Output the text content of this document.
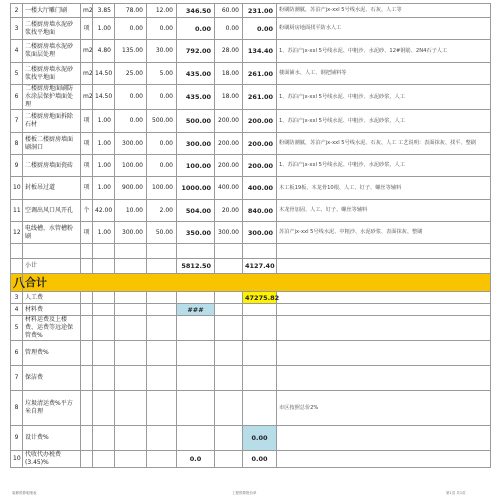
2	一楼大厅雕门刷	m2	3.85	78.00	12.00	346.50	60.00	231.00	粉刷防潮腻，苏泊产jx-xxl 5号线水泥、石灰、人工等
3	二楼厨房墙水泥砂浆找平地面	项	1.00	0.00	0.00	0.00	0.00	0.00	粉刷厨房地面找平防水人工
4	二楼厨房墙水泥砂浆面层处理	m2	4.80	135.00	30.00	792.00	28.00	134.40	1、苏泊产jx-xxl 5号线水泥、中粗沙、水泥砂、12#钢筋、2N4石子人工
5	二楼厨房墙水泥砂浆找平地面	m2	14.50	25.00	5.00	435.00	18.00	261.00	楼面铺水、人工、钢把铺料等
6	二楼厨房地面刷防水涂层保护墙面处理	m2	14.50	0.00	0.00	435.00	18.00	261.00	1、苏泊产jx-xxl 5号线水泥、中粗沙、水泥砂浆、人工
7	二楼厨房地面拆除石材	项	1.00	0.00	500.00	500.00	200.00	200.00	1、苏泊产jx-xxl 5号线水泥、中粗沙、水泥砂浆、人工
8	楼板二楼厨房墙面刷洞口	项	1.00	300.00	0.00	300.00	200.00	200.00	粉刷防潮腻，苏泊产jx-xxl 5号线水泥、石灰、人工 工艺说明：表面抹灰、找平、整刷
9	二楼厨房墙面瓷砖	项	1.00	100.00	0.00	100.00	200.00	200.00	1、苏泊产jx-xxl 5号线水泥、中粗沙、水泥砂浆、人工
10	封板吊过道	项	1.00	900.00	100.00	1000.00	400.00	400.00	木工板19板、木龙骨10根、人工、钉子、螺丝等辅料
11	空调出风口风开孔	个	42.00	10.00	2.00	504.00	20.00	840.00	木龙骨加固、人工、钉子、螺丝等辅料
12	电线槽、水管槽粉刷	项	1.00	300.00	50.00	350.00	300.00	300.00	苏泊产jx-xxl 5号线水泥、中粗沙、水泥砂浆、表面抹灰、整刷

	小计					5812.50		4127.40	
八	合计								
3	人工费							47275.82	
4	材料费					###			
5	材料运费及上楼费、运费等远途保管费%								
6	管理费%								
7	保洁费								
8	垃圾清运费%平方米自理								市区按照总价2%
9	设计费%							0.00	
10	代收代办税费(3.45)%					0.0		0.00	
装修预算明细表	工程预算报价单	第1页 共1页
